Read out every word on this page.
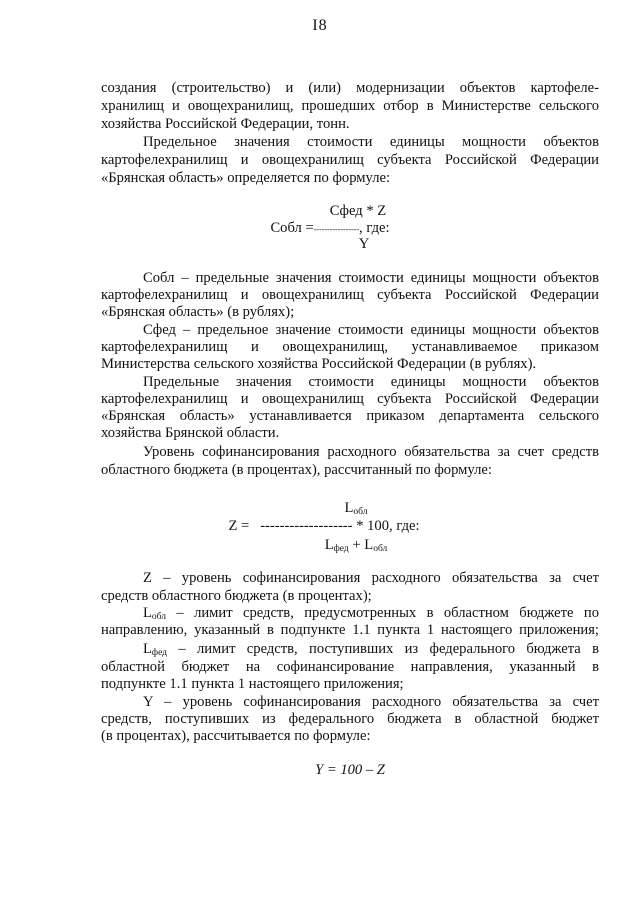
I8
создания (строительство) и (или) модернизации объектов картофеле-
хранилищ и овощехранилищ, прошедших отбор в Министерстве сельского
хозяйства Российской Федерации, тонн.
Предельное значения стоимости единицы мощности объектов
картофелехранилищ и овощехранилищ субъекта Российской Федерации
«Брянская область» определяется по формуле:
Сфед * Z
Собл =-----------------, где:
Y
Собл – предельные значения стоимости единицы мощности объектов
картофелехранилищ и овощехранилищ субъекта Российской Федерации
«Брянская область» (в рублях);
Сфед – предельное значение стоимости единицы мощности объектов
картофелехранилищ и овощехранилищ, устанавливаемое приказом
Министерства сельского хозяйства Российской Федерации (в рублях).
Предельные значения стоимости единицы мощности объектов
картофелехранилищ и овощехранилищ субъекта Российской Федерации
«Брянская область» устанавливается приказом департамента сельского
хозяйства Брянской области.
Уровень софинансирования расходного обязательства за счет средств
областного бюджета (в процентах), рассчитанный по формуле:
$L_{обл}$
Z = ------------------- * 100, где:
$L_{фед} + L_{обл}$
Z – уровень софинансирования расходного обязательства за счет
средств областного бюджета (в процентах);
$L_{обл}$ – лимит средств, предусмотренных в областном бюджете по
направлению, указанный в подпункте 1.1 пункта 1 настоящего приложения;
$L_{фед}$ – лимит средств, поступивших из федерального бюджета в
областной бюджет на софинансирование направления, указанный в
подпункте 1.1 пункта 1 настоящего приложения;
Y – уровень софинансирования расходного обязательства за счет
средств, поступивших из федерального бюджета в областной бюджет
(в процентах), рассчитывается по формуле:
Y = 100 – Z
